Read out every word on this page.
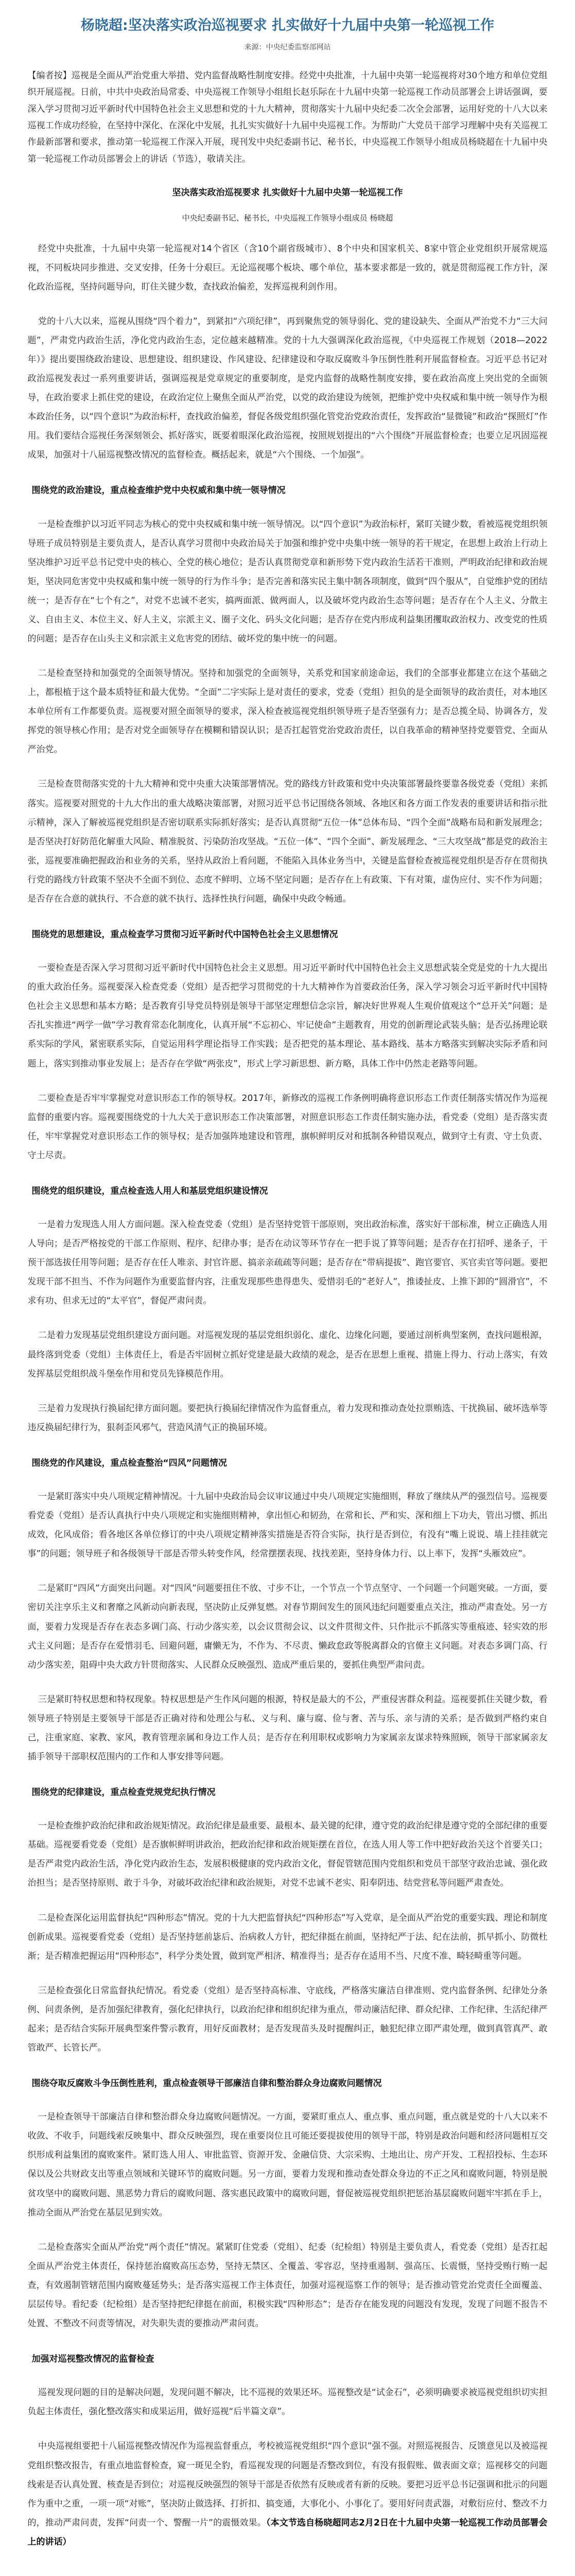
杨晓超:坚决落实政治巡视要求 扎实做好十九届中央第一轮巡视工作
来源：中央纪委监察部网站

【编者按】巡视是全面从严治党重大举措、党内监督战略性制度安排。经党中央批准，十九届中央第一轮巡视将对30个地方和单位党组织开展巡视。日前，中共中央政治局常委、中央巡视工作领导小组组长赵乐际在十九届中央第一轮巡视工作动员部署会上讲话强调，要深入学习贯彻习近平新时代中国特色社会主义思想和党的十九大精神，贯彻落实十九届中央纪委二次全会部署，运用好党的十八大以来巡视工作成功经验，在坚持中深化、在深化中发展，扎扎实实做好十九届中央巡视工作。为帮助广大党员干部学习理解中央有关巡视工作最新部署和要求，推动第一轮巡视工作深入开展，现刊发中央纪委副书记、秘书长，中央巡视工作领导小组成员杨晓超在十九届中央第一轮巡视工作动员部署会上的讲话（节选），敬请关注。

坚决落实政治巡视要求 扎实做好十九届中央第一轮巡视工作
中央纪委副书记、秘书长，中央巡视工作领导小组成员 杨晓超

经党中央批准，十九届中央第一轮巡视对14个省区（含10个副省级城市）、8个中央和国家机关、8家中管企业党组织开展常规巡视，不同板块同步推进、交叉安排，任务十分艰巨。无论巡视哪个板块、哪个单位，基本要求都是一致的，就是贯彻巡视工作方针，深化政治巡视，坚持问题导向，盯住关键少数，查找政治偏差，发挥巡视利剑作用。

党的十八大以来，巡视从围绕“四个着力”，到紧扣“六项纪律”，再到聚焦党的领导弱化、党的建设缺失、全面从严治党不力“三大问题”，严肃党内政治生活，净化党内政治生态，定位越来越精准。党的十九大强调深化政治巡视，《中央巡视工作规划（2018—2022年）》提出要围绕政治建设、思想建设、组织建设、作风建设、纪律建设和夺取反腐败斗争压倒性胜利开展监督检查。习近平总书记对政治巡视发表过一系列重要讲话，强调巡视是党章规定的重要制度，是党内监督的战略性制度安排，要在政治高度上突出党的全面领导，在政治要求上抓住党的建设，在政治定位上聚焦全面从严治党，以党的政治建设为统领，把维护党中央权威和集中统一领导作为根本政治任务，以“四个意识”为政治标杆，查找政治偏差，督促各级党组织强化管党治党政治责任，发挥政治“显微镜”和政治“探照灯”作用。我们要结合巡视任务深刻领会、抓好落实，既要着眼深化政治巡视，按照规划提出的“六个围绕”开展监督检查；也要立足巩固巡视成果，加强对十八届巡视整改情况的监督检查。概括起来，就是“六个围绕、一个加强”。

围绕党的政治建设，重点检查维护党中央权威和集中统一领导情况

一是检查维护以习近平同志为核心的党中央权威和集中统一领导情况。以“四个意识”为政治标杆，紧盯关键少数，看被巡视党组织领导班子成员特别是主要负责人，是否认真学习贯彻中央政治局关于加强和维护党中央集中统一领导的若干规定，在思想上政治上行动上坚决维护习近平总书记党中央的核心、全党的核心地位；是否认真贯彻党章和新形势下党内政治生活若干准则，严明政治纪律和政治规矩，坚决同危害党中央权威和集中统一领导的行为作斗争；是否完善和落实民主集中制各项制度，做到“四个服从”，自觉维护党的团结统一；是否存在“七个有之”，对党不忠诚不老实，搞两面派、做两面人，以及破坏党内政治生态等问题；是否存在个人主义、分散主义、自由主义、本位主义、好人主义，宗派主义、圈子文化、码头文化问题；是否存在党内形成利益集团攫取政治权力、改变党的性质的问题；是否存在山头主义和宗派主义危害党的团结、破坏党的集中统一的问题。

二是检查坚持和加强党的全面领导情况。坚持和加强党的全面领导，关系党和国家前途命运，我们的全部事业都建立在这个基础之上，都根植于这个最本质特征和最大优势。“全面”二字实际上是对责任的要求，党委（党组）担负的是全面领导的政治责任，对本地区本单位所有工作都要负责。巡视要对照全面领导的要求，深入检查被巡视党组织领导班子是否坚强有力；是否总揽全局、协调各方，发挥党的领导核心作用；是否对党全面领导存在模糊和错误认识；是否扛起管党治党政治责任，以自我革命的精神坚持党要管党、全面从严治党。

三是检查贯彻落实党的十九大精神和党中央重大决策部署情况。党的路线方针政策和党中央决策部署最终要靠各级党委（党组）来抓落实。巡视要对照党的十九大作出的重大战略决策部署，对照习近平总书记围绕各领域、各地区和各方面工作发表的重要讲话和指示批示精神，深入了解被巡视党组织是否密切联系实际抓好落实；是否认真贯彻“五位一体”总体布局、“四个全面”战略布局和新发展理念；是否坚决打好防范化解重大风险、精准脱贫、污染防治攻坚战。“五位一体”、“四个全面”、新发展理念、“三大攻坚战”都是党的政治主张，巡视要准确把握政治和业务的关系，坚持从政治上看问题，不能陷入具体业务当中，关键是监督检查被巡视党组织是否存在贯彻执行党的路线方针政策不坚决不全面不到位、态度不鲜明、立场不坚定问题；是否存在上有政策、下有对策，虚伪应付、实不作为问题；是否存在合意的就执行、不合意的就不执行、选择性执行问题，确保中央政令畅通。

围绕党的思想建设，重点检查学习贯彻习近平新时代中国特色社会主义思想情况

一要检查是否深入学习贯彻习近平新时代中国特色社会主义思想。用习近平新时代中国特色社会主义思想武装全党是党的十九大提出的重大政治任务。巡视要深入检查党委（党组）是否把学习贯彻党的十九大精神作为首要政治任务，深入学习领会习近平新时代中国特色社会主义思想和基本方略；是否教育引导党员特别是领导干部坚定理想信念宗旨，解决好世界观人生观价值观这个“总开关”问题；是否扎实推进“两学一做”学习教育常态化制度化，认真开展“不忘初心、牢记使命”主题教育，用党的创新理论武装头脑；是否弘扬理论联系实际的学风，紧密联系实际，自觉运用科学理论指导工作实践；是否把党的基本理论、基本路线、基本方略落实到解决实际矛盾和问题上，落实到推动事业发展上；是否存在学做“两张皮”，形式上学习新思想、新方略，具体工作中仍然走老路等问题。

二要检查是否牢牢掌握党对意识形态工作的领导权。2017年，新修改的巡视工作条例明确将意识形态工作责任制落实情况作为巡视监督的重要内容。巡视要围绕党的十九大关于意识形态工作决策部署，对照意识形态工作责任制实施办法，看党委（党组）是否落实责任，牢牢掌握党对意识形态工作的领导权；是否加强阵地建设和管理，旗帜鲜明反对和抵制各种错误观点，做到守土有责、守土负责、守土尽责。

围绕党的组织建设，重点检查选人用人和基层党组织建设情况

一是着力发现选人用人方面问题。深入检查党委（党组）是否坚持党管干部原则，突出政治标准，落实好干部标准，树立正确选人用人导向；是否严格按党的干部工作原则、程序、纪律办事；是否在动议等环节存在一把手说了算等问题；是否存在打招呼、递条子，干预干部选拔任用等问题；是否存在任人唯亲、封官许愿、搞亲亲疏疏等问题；是否存在“带病提拔”、跑官要官、买官卖官等问题。要把发现干部不担当、不作为问题作为重要监督内容，注重发现那些患得患失、爱惜羽毛的“老好人”，推诿扯皮、上推下卸的“圆滑官”，不求有功、但求无过的“太平官”，督促严肃问责。

二是着力发现基层党组织建设方面问题。对巡视发现的基层党组织弱化、虚化、边缘化问题，要通过剖析典型案例，查找问题根源，最终落到党委（党组）主体责任上，看是否牢固树立抓好党建是最大政绩的观念，是否在思想上重视、措施上得力、行动上落实，有效发挥基层党组织战斗堡垒作用和党员先锋模范作用。

三是着力发现执行换届纪律方面问题。要把执行换届纪律情况作为监督重点，着力发现和推动查处拉票贿选、干扰换届、破坏选举等违反换届纪律行为，狠刹歪风邪气，营造风清气正的换届环境。

围绕党的作风建设，重点检查整治“四风”问题情况

一是紧盯落实中央八项规定精神情况。十九届中央政治局会议审议通过中央八项规定实施细则，释放了继续从严的强烈信号。巡视要看党委（党组）是否认真执行中央八项规定和实施细则精神，拿出恒心和韧劲，在常和长、严和实、深和细上下功夫，管出习惯、抓出成效，化风成俗；看各地区各单位修订的中央八项规定精神落实措施是否符合实际，执行是否到位，有没有“嘴上说说、墙上挂挂就完事”的问题；领导班子和各级领导干部是否带头转变作风，经常摆摆表现、找找差距，坚持身体力行、以上率下，发挥“头雁效应”。

二是紧盯“四风”方面突出问题。对“四风”问题要扭住不放、寸步不让，一个节点一个节点坚守、一个问题一个问题突破。一方面，要密切关注享乐主义和奢靡之风新动向新表现，坚决防止反弹复燃。对春节期间发生的顶风违纪问题要重点关注，推动严肃查处。另一方面，要着力发现是否存在表态多调门高、行动少落实差，以会议贯彻会议、以文件贯彻文件、只作批示不抓落实等重痕迹、轻实效的形式主义问题；是否存在爱惜羽毛、回避问题，庸懒无为，不作为、不尽责、懒政怠政等脱离群众的官僚主义问题。对表态多调门高、行动少落实差，阻碍中央大政方针贯彻落实、人民群众反映强烈、造成严重后果的，要抓住典型严肃问责。

三是紧盯特权思想和特权现象。特权思想是产生作风问题的根源，特权是最大的不公，严重侵害群众利益。巡视要抓住关键少数，看领导班子特别是主要领导干部是否正确对待和处理公与私、义与利、廉与腐、俭与奢、苦与乐、亲与清的关系；是否做到严格约束自己，注重家庭、家教、家风，教育管理亲属和身边工作人员；是否存在利用职权或影响力为家属亲友谋求特殊照顾，领导干部家属亲友插手领导干部职权范围内的工作和人事安排等问题。

围绕党的纪律建设，重点检查党规党纪执行情况

一是检查维护政治纪律和政治规矩情况。政治纪律是最重要、最根本、最关键的纪律，遵守党的政治纪律是遵守党的全部纪律的重要基础。巡视要看党委（党组）是否旗帜鲜明讲政治，把政治纪律和政治规矩摆在首位，在选人用人等工作中把好政治关这个首要关口；是否严肃党内政治生活，净化党内政治生态，发展积极健康的党内政治文化，督促管辖范围内党组织和党员干部坚守政治忠诚、强化政治担当；是否坚持原则、敢于斗争，对破坏政治纪律和政治规矩，对党不忠诚不老实、阳奉阴违、结党营私等问题严肃查处。

二是检查深化运用监督执纪“四种形态”情况。党的十九大把监督执纪“四种形态”写入党章，是全面从严治党的重要实践、理论和制度创新成果。巡视要看党委（党组）是否坚持惩前毖后、治病救人方针，把纪律挺在前面，坚持纪严于法、纪在法前，抓早抓小、防微杜渐；是否精准把握运用“四种形态”，科学分类处置，做到宽严相济、精准得当；是否存在适用不当、尺度不准、畸轻畸重等问题。

三是检查强化日常监督执纪情况。看党委（党组）是否坚持高标准、守底线，严格落实廉洁自律准则、党内监督条例、纪律处分条例、问责条例，是否加强纪律教育，强化纪律执行，以政治纪律和组织纪律为重点，带动廉洁纪律、群众纪律、工作纪律、生活纪律严起来；是否结合实际开展典型案件警示教育，用好反面教材；是否发现苗头及时提醒纠正，触犯纪律立即严肃处理，做到真管真严、敢管敢严、长管长严。

围绕夺取反腐败斗争压倒性胜利，重点检查领导干部廉洁自律和整治群众身边腐败问题情况

一是检查领导干部廉洁自律和整治群众身边腐败问题情况。一方面，要紧盯重点人、重点事、重点问题，重点就是党的十八大以来不收敛、不收手，问题线索反映集中、群众反映强烈，现在重要岗位且可能还要提拔使用的领导干部，特别是政治问题和经济问题相互交织形成利益集团的腐败案件。紧盯选人用人、审批监管、资源开发、金融信贷、大宗采购、土地出让、房产开发、工程招投标、生态环保以及公共财政支出等重点领域和关键环节的腐败问题。另一方面，要着力发现和推动查处群众身边的不正之风和腐败问题，特别是脱贫攻坚中的腐败问题、黑恶势力背后的腐败问题、落实惠民政策中的腐败问题，督促被巡视党组织把惩治基层腐败问题牢牢抓在手上，推动全面从严治党在基层见到实效。

二是检查落实全面从严治党“两个责任”情况。紧紧盯住党委（党组）、纪委（纪检组）特别是主要负责人，看党委（党组）是否扛起全面从严治党主体责任，保持惩治腐败高压态势，坚持无禁区、全覆盖、零容忍，坚持重遏制、强高压、长震慑，坚持受贿行贿一起查，有效遏制管辖范围内腐败蔓延势头；是否落实巡视工作主体责任，加强对巡视巡察工作的领导；是否推动管党治党责任全面覆盖、层层传导。看纪委（纪检组）是否坚持把纪律挺在前面，积极实践“四种形态”；是否存在能发现的问题没有发现，发现了问题不报告不处置、不整改不问责等情况，对失职失责的要推动严肃问责。

加强对巡视整改情况的监督检查

巡视发现问题的目的是解决问题，发现问题不解决，比不巡视的效果还坏。巡视整改是“试金石”，必须明确要求被巡视党组织切实担负起主体责任，强化整改落实和成果运用，做好巡视“后半篇文章”。

中央巡视组要把十八届巡视整改情况作为巡视监督重点，考校被巡视党组织“四个意识”强不强。对照巡视报告、反馈意见以及被巡视党组织整改报告，有重点地监督检查，窥一斑见全豹，看巡视发现的问题是否整改到位，有没有报假账、做表面文章；巡视移交的问题线索是否认真处置、核查是否到位；对巡视反映强烈的领导干部是否依然有反映或者有新的反映。要把习近平总书记强调和批示的问题作为重中之重，一项一项“对账”，坚决防止做选择、打折扣、搞变通，大事化小、小事化了。要用好问责武器，对敷衍应付、整改不力的，推动严肃问责，发挥“问责一个、警醒一片”的震慑效果。（本文节选自杨晓超同志2月2日在十九届中央第一轮巡视工作动员部署会上的讲话）
